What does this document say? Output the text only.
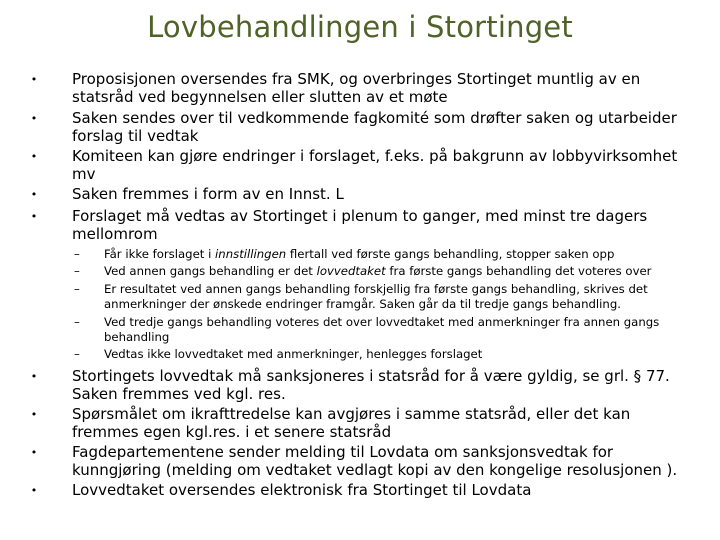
Lovbehandlingen i Stortinget
• Proposisjonen oversendes fra SMK, og overbringes Stortinget muntlig av en statsråd ved begynnelsen eller slutten av et møte
• Saken sendes over til vedkommende fagkomité som drøfter saken og utarbeider forslag til vedtak
• Komiteen kan gjøre endringer i forslaget, f.eks. på bakgrunn av lobbyvirksomhet mv
• Saken fremmes i form av en Innst. L
• Forslaget må vedtas av Stortinget i plenum to ganger, med minst tre dagers mellomrom
–	Får ikke forslaget i innstillingen flertall ved første gangs behandling, stopper saken opp
–	Ved annen gangs behandling er det lovvedtaket fra første gangs behandling det voteres over
–	Er resultatet ved annen gangs behandling forskjellig fra første gangs behandling, skrives det anmerkninger der ønskede endringer framgår. Saken går da til tredje gangs behandling.
–	Ved tredje gangs behandling voteres det over lovvedtaket med anmerkninger fra annen gangs behandling
–	Vedtas ikke lovvedtaket med anmerkninger, henlegges forslaget
• Stortingets lovvedtak må sanksjoneres i statsråd for å være gyldig, se grl. § 77. Saken fremmes ved kgl. res.
• Spørsmålet om ikrafttredelse kan avgjøres i samme statsråd, eller det kan fremmes egen kgl.res. i et senere statsråd
• Fagdepartementene sender melding til Lovdata om sanksjonsvedtak for kunngjøring (melding om vedtaket vedlagt kopi av den kongelige resolusjonen ).
• Lovvedtaket oversendes elektronisk fra Stortinget til Lovdata
